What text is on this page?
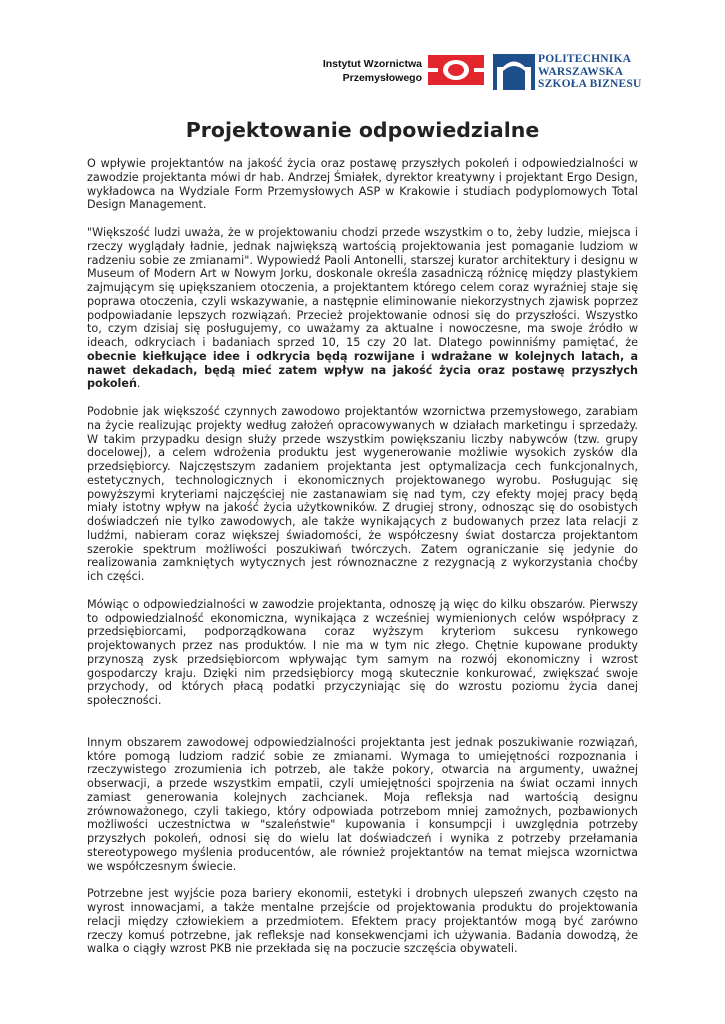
Instytut Wzornictwa
Przemysłowego
POLITECHNIKA
WARSZAWSKA
SZKOŁA BIZNESU
Projektowanie odpowiedzialne

O wpływie projektantów na jakość życia oraz postawę przyszłych pokoleń i odpowiedzialności w zawodzie projektanta mówi dr hab. Andrzej Śmiałek, dyrektor kreatywny i projektant Ergo Design, wykładowca na Wydziale Form Przemysłowych ASP w Krakowie i studiach podyplomowych Total Design Management.

"Większość ludzi uważa, że w projektowaniu chodzi przede wszystkim o to, żeby ludzie, miejsca i rzeczy wyglądały ładnie, jednak największą wartością projektowania jest pomaganie ludziom w radzeniu sobie ze zmianami". Wypowiedź Paoli Antonelli, starszej kurator architektury i designu w Museum of Modern Art w Nowym Jorku, doskonale określa zasadniczą różnicę między plastykiem zajmującym się upiększaniem otoczenia, a projektantem którego celem coraz wyraźniej staje się poprawa otoczenia, czyli wskazywanie, a następnie eliminowanie niekorzystnych zjawisk poprzez podpowiadanie lepszych rozwiązań. Przecież projektowanie odnosi się do przyszłości. Wszystko to, czym dzisiaj się posługujemy, co uważamy za aktualne i nowoczesne, ma swoje źródło w ideach, odkryciach i badaniach sprzed 10, 15 czy 20 lat. Dlatego powinniśmy pamiętać, że obecnie kiełkujące idee i odkrycia będą rozwijane i wdrażane w kolejnych latach, a nawet dekadach, będą mieć zatem wpływ na jakość życia oraz postawę przyszłych pokoleń.

Podobnie jak większość czynnych zawodowo projektantów wzornictwa przemysłowego, zarabiam na życie realizując projekty według założeń opracowywanych w działach marketingu i sprzedaży. W takim przypadku design służy przede wszystkim powiększaniu liczby nabywców (tzw. grupy docelowej), a celem wdrożenia produktu jest wygenerowanie możliwie wysokich zysków dla przedsiębiorcy. Najczęstszym zadaniem projektanta jest optymalizacja cech funkcjonalnych, estetycznych, technologicznych i ekonomicznych projektowanego wyrobu. Posługując się powyższymi kryteriami najczęściej nie zastanawiam się nad tym, czy efekty mojej pracy będą miały istotny wpływ na jakość życia użytkowników. Z drugiej strony, odnosząc się do osobistych doświadczeń nie tylko zawodowych, ale także wynikających z budowanych przez lata relacji z ludźmi, nabieram coraz większej świadomości, że współczesny świat dostarcza projektantom szerokie spektrum możliwości poszukiwań twórczych. Zatem ograniczanie się jedynie do realizowania zamkniętych wytycznych jest równoznaczne z rezygnacją z wykorzystania choćby ich części.

Mówiąc o odpowiedzialności w zawodzie projektanta, odnoszę ją więc do kilku obszarów. Pierwszy to odpowiedzialność ekonomiczna, wynikająca z wcześniej wymienionych celów współpracy z przedsiębiorcami, podporządkowana coraz wyższym kryteriom sukcesu rynkowego projektowanych przez nas produktów. I nie ma w tym nic złego. Chętnie kupowane produkty przynoszą zysk przedsiębiorcom wpływając tym samym na rozwój ekonomiczny i wzrost gospodarczy kraju. Dzięki nim przedsiębiorcy mogą skutecznie konkurować, zwiększać swoje przychody, od których płacą podatki przyczyniając się do wzrostu poziomu życia danej społeczności.

Innym obszarem zawodowej odpowiedzialności projektanta jest jednak poszukiwanie rozwiązań, które pomogą ludziom radzić sobie ze zmianami. Wymaga to umiejętności rozpoznania i rzeczywistego zrozumienia ich potrzeb, ale także pokory, otwarcia na argumenty, uważnej obserwacji, a przede wszystkim empatii, czyli umiejętności spojrzenia na świat oczami innych zamiast generowania kolejnych zachcianek. Moja refleksja nad wartością designu zrównoważonego, czyli takiego, który odpowiada potrzebom mniej zamożnych, pozbawionych możliwości uczestnictwa w "szaleństwie" kupowania i konsumpcji i uwzględnia potrzeby przyszłych pokoleń, odnosi się do wielu lat doświadczeń i wynika z potrzeby przełamania stereotypowego myślenia producentów, ale również projektantów na temat miejsca wzornictwa we współczesnym świecie.

Potrzebne jest wyjście poza bariery ekonomii, estetyki i drobnych ulepszeń zwanych często na wyrost innowacjami, a także mentalne przejście od projektowania produktu do projektowania relacji między człowiekiem a przedmiotem. Efektem pracy projektantów mogą być zarówno rzeczy komuś potrzebne, jak refleksje nad konsekwencjami ich używania. Badania dowodzą, że walka o ciągły wzrost PKB nie przekłada się na poczucie szczęścia obywateli.
